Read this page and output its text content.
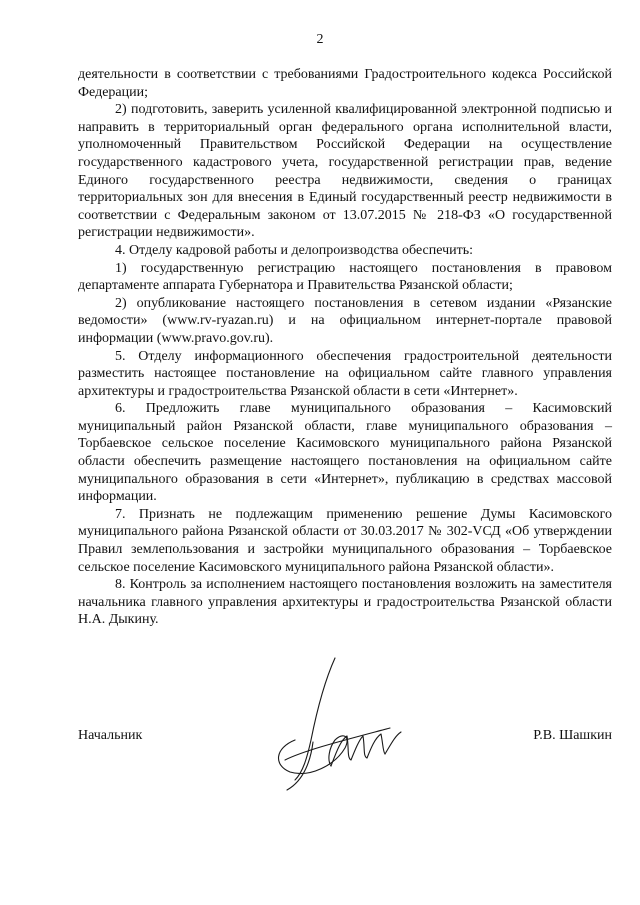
2

деятельности в соответствии с требованиями Градостроительного кодекса Российской Федерации;

2) подготовить, заверить усиленной квалифицированной электронной подписью и направить в территориальный орган федерального органа исполнительной власти, уполномоченный Правительством Российской Федерации на осуществление государственного кадастрового учета, государственной регистрации прав, ведение Единого государственного реестра недвижимости, сведения о границах территориальных зон для внесения в Единый государственный реестр недвижимости в соответствии с Федеральным законом от 13.07.2015 № 218-ФЗ «О государственной регистрации недвижимости».

4. Отделу кадровой работы и делопроизводства обеспечить:

1) государственную регистрацию настоящего постановления в правовом департаменте аппарата Губернатора и Правительства Рязанской области;

2) опубликование настоящего постановления в сетевом издании «Рязанские ведомости» (www.rv-ryazan.ru) и на официальном интернет-портале правовой информации (www.pravo.gov.ru).

5. Отделу информационного обеспечения градостроительной деятельности разместить настоящее постановление на официальном сайте главного управления архитектуры и градостроительства Рязанской области в сети «Интернет».

6. Предложить главе муниципального образования – Касимовский муниципальный район Рязанской области, главе муниципального образования – Торбаевское сельское поселение Касимовского муниципального района Рязанской области обеспечить размещение настоящего постановления на официальном сайте муниципального образования в сети «Интернет», публикацию в средствах массовой информации.

7. Признать не подлежащим применению решение Думы Касимовского муниципального района Рязанской области от 30.03.2017 № 302-VСД «Об утверждении Правил землепользования и застройки муниципального образования – Торбаевское сельское поселение Касимовского муниципального района Рязанской области».

8. Контроль за исполнением настоящего постановления возложить на заместителя начальника главного управления архитектуры и градостроительства Рязанской области Н.А. Дыкину.

Начальник	Р.В. Шашкин
